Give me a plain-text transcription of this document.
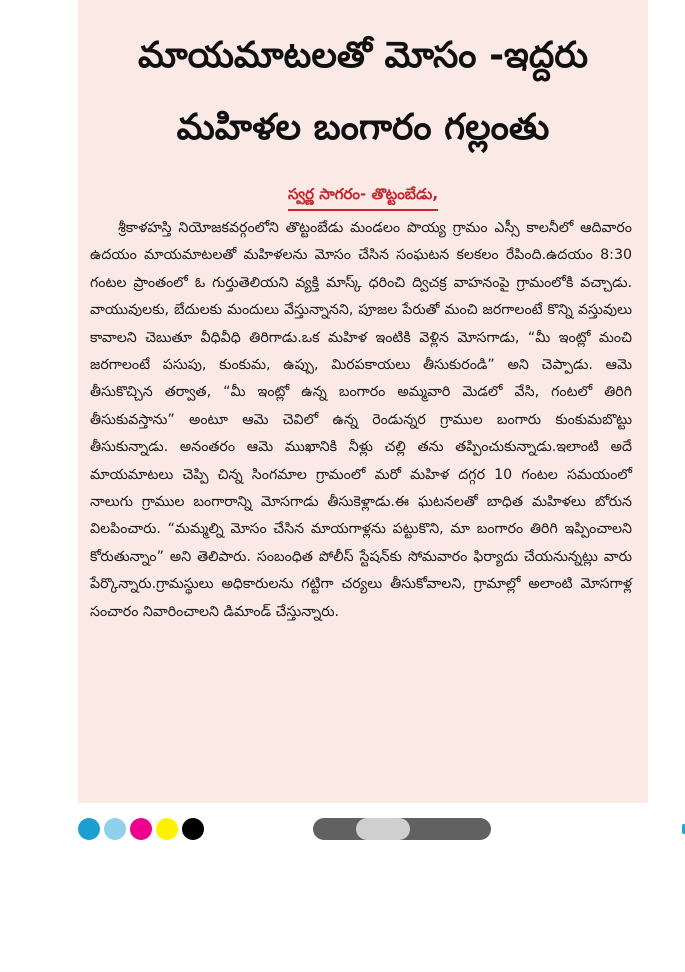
మాయమాటలతో మోసం -ఇద్దరు
మహిళల బంగారం గల్లంతు
స్వర్ణ సాగరం- తొట్టంబేడు,

శ్రీకాళహస్తి నియోజకవర్గంలోని తొట్టంబేడు మండలం పొయ్య గ్రామం ఎస్సీ కాలనీలో ఆదివారం ఉదయం మాయమాటలతో మహిళలను మోసం చేసిన సంఘటన కలకలం రేపింది.ఉదయం 8:30 గంటల ప్రాంతంలో ఓ గుర్తుతెలియని వ్యక్తి మాస్క్ ధరించి ద్విచక్ర వాహనంపై గ్రామంలోకి వచ్చాడు. వాయువులకు, బేదులకు మందులు వేస్తున్నానని, పూజల పేరుతో మంచి జరగాలంటే కొన్ని వస్తువులు కావాలని చెబుతూ వీధివీధి తిరిగాడు.ఒక మహిళ ఇంటికి వెళ్లిన మోసగాడు, “మీ ఇంట్లో మంచి జరగాలంటే పసుపు, కుంకుమ, ఉప్పు, మిరపకాయలు తీసుకురండి” అని చెప్పాడు. ఆమె తీసుకొచ్చిన తర్వాత, “మీ ఇంట్లో ఉన్న బంగారం అమ్మవారి మెడలో వేసి, గంటలో తిరిగి తీసుకువస్తాను” అంటూ ఆమె చెవిలో ఉన్న రెండున్నర గ్రాముల బంగారు కుంకుమబొట్టు తీసుకున్నాడు. అనంతరం ఆమె ముఖానికి నీళ్లు చల్లి తను తప్పించుకున్నాడు.ఇలాంటి అదే మాయమాటలు చెప్పి చిన్న సింగమాల గ్రామంలో మరో మహిళ దగ్గర 10 గంటల సమయంలో నాలుగు గ్రాముల బంగారాన్ని మోసగాడు తీసుకెళ్లాడు.ఈ ఘటనలతో బాధిత మహిళలు బోరున విలపించారు. “మమ్మల్ని మోసం చేసిన మాయగాళ్లను పట్టుకొని, మా బంగారం తిరిగి ఇప్పించాలని కోరుతున్నాం” అని తెలిపారు. సంబంధిత పోలీస్ స్టేషన్‌కు సోమవారం ఫిర్యాదు చేయనున్నట్లు వారు పేర్కొన్నారు.గ్రామస్థులు అధికారులను గట్టిగా చర్యలు తీసుకోవాలని, గ్రామాల్లో అలాంటి మోసగాళ్ల సంచారం నివారించాలని డిమాండ్ చేస్తున్నారు.
